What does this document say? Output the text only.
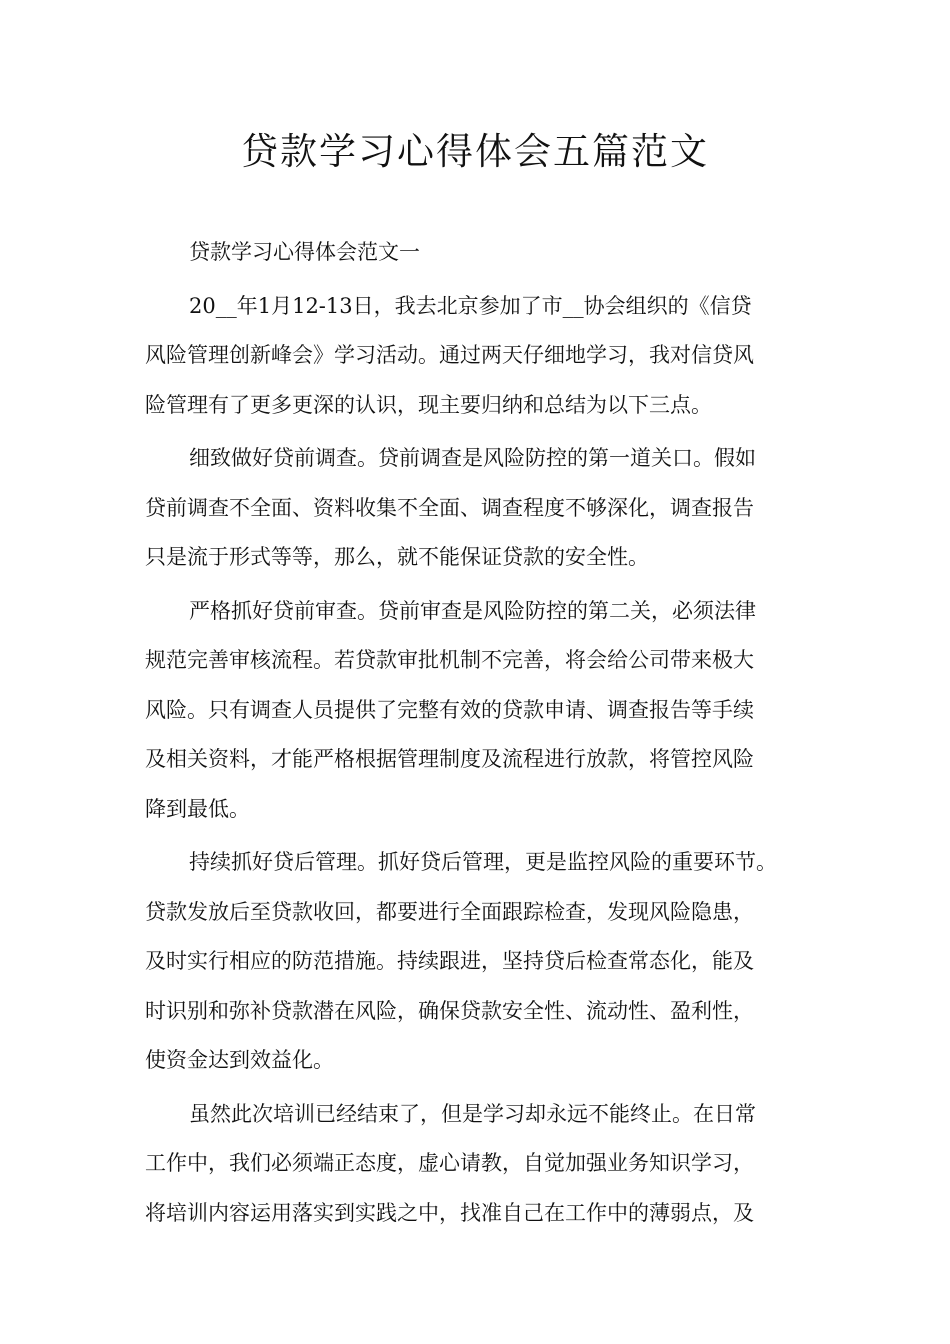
贷款学习心得体会五篇范文

贷款学习心得体会范文一

20__年1月12-13日，我去北京参加了市__协会组织的《信贷
风险管理创新峰会》学习活动。通过两天仔细地学习，我对信贷风
险管理有了更多更深的认识，现主要归纳和总结为以下三点。

细致做好贷前调查。贷前调查是风险防控的第一道关口。假如
贷前调查不全面、资料收集不全面、调查程度不够深化，调查报告
只是流于形式等等，那么，就不能保证贷款的安全性。

严格抓好贷前审查。贷前审查是风险防控的第二关，必须法律
规范完善审核流程。若贷款审批机制不完善，将会给公司带来极大
风险。只有调查人员提供了完整有效的贷款申请、调查报告等手续
及相关资料，才能严格根据管理制度及流程进行放款，将管控风险
降到最低。

持续抓好贷后管理。抓好贷后管理，更是监控风险的重要环节。
贷款发放后至贷款收回，都要进行全面跟踪检查，发现风险隐患，
及时实行相应的防范措施。持续跟进，坚持贷后检查常态化，能及
时识别和弥补贷款潜在风险，确保贷款安全性、流动性、盈利性，
使资金达到效益化。

虽然此次培训已经结束了，但是学习却永远不能终止。在日常
工作中，我们必须端正态度，虚心请教，自觉加强业务知识学习，
将培训内容运用落实到实践之中，找准自己在工作中的薄弱点，及
